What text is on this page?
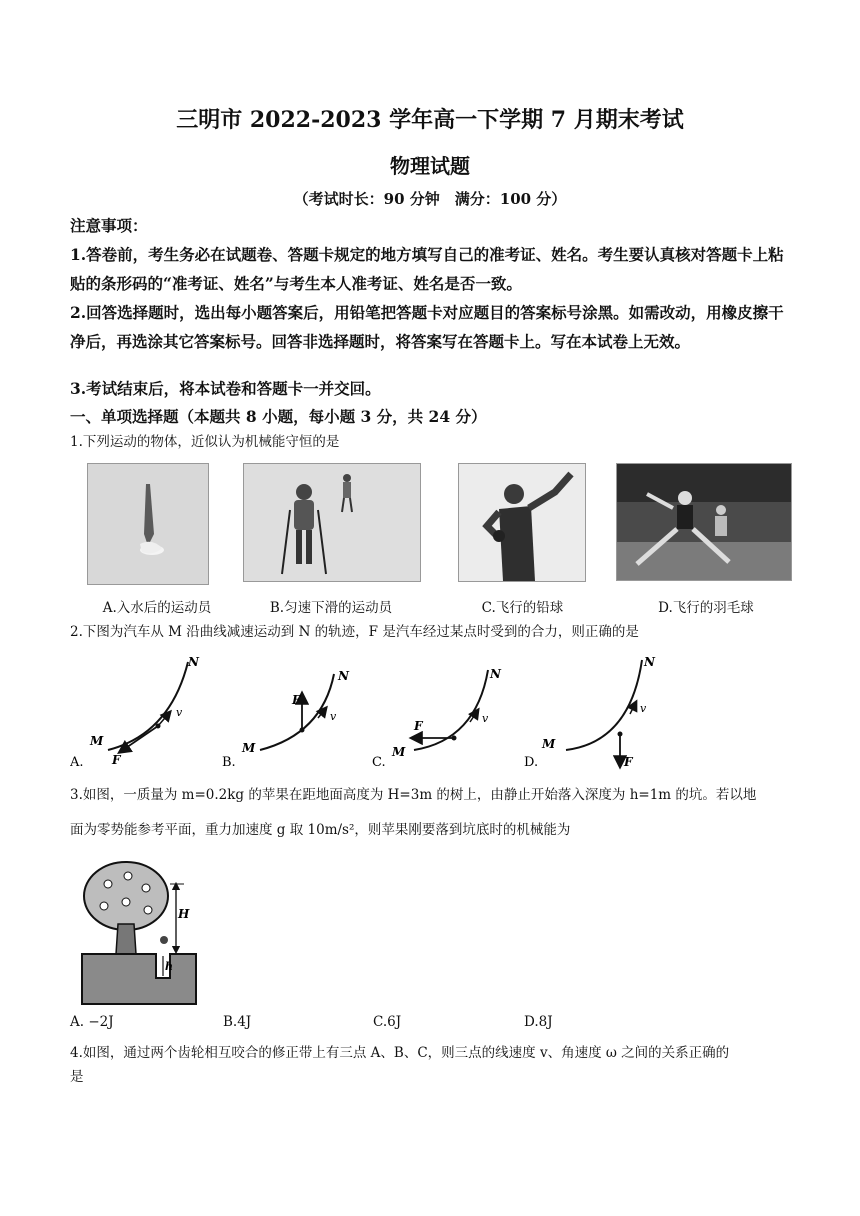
三明市 2022-2023 学年高一下学期 7 月期末考试
物理试题
（考试时长：90 分钟　满分：100 分）
注意事项：
1.答卷前，考生务必在试题卷、答题卡规定的地方填写自己的准考证、姓名。考生要认真核对答题卡上粘贴的条形码的“准考证、姓名”与考生本人准考证、姓名是否一致。
2.回答选择题时，选出每小题答案后，用铅笔把答题卡对应题目的答案标号涂黑。如需改动，用橡皮擦干净后，再选涂其它答案标号。回答非选择题时，将答案写在答题卡上。写在本试卷上无效。
3.考试结束后，将本试卷和答题卡一并交回。
一、单项选择题（本题共 8 小题，每小题 3 分，共 24 分）
1.下列运动的物体，近似认为机械能守恒的是
A.入水后的运动员	B.匀速下滑的运动员	C.飞行的铅球	D.飞行的羽毛球
2.下图为汽车从 M 沿曲线减速运动到 N 的轨迹，F 是汽车经过某点时受到的合力，则正确的是
N
M
F
v
A.
N
M
F
v
B.
N
M
F
v
C.
N
M
F
v
D.
3.如图，一质量为 m=0.2kg 的苹果在距地面高度为 H=3m 的树上，由静止开始落入深度为 h=1m 的坑。若以地
面为零势能参考平面，重力加速度 g 取 10m/s²，则苹果刚要落到坑底时的机械能为
H
h
A. −2J	B.4J	C.6J	D.8J
4.如图，通过两个齿轮相互咬合的修正带上有三点 A、B、C，则三点的线速度 v、角速度 ω 之间的关系正确的
是
